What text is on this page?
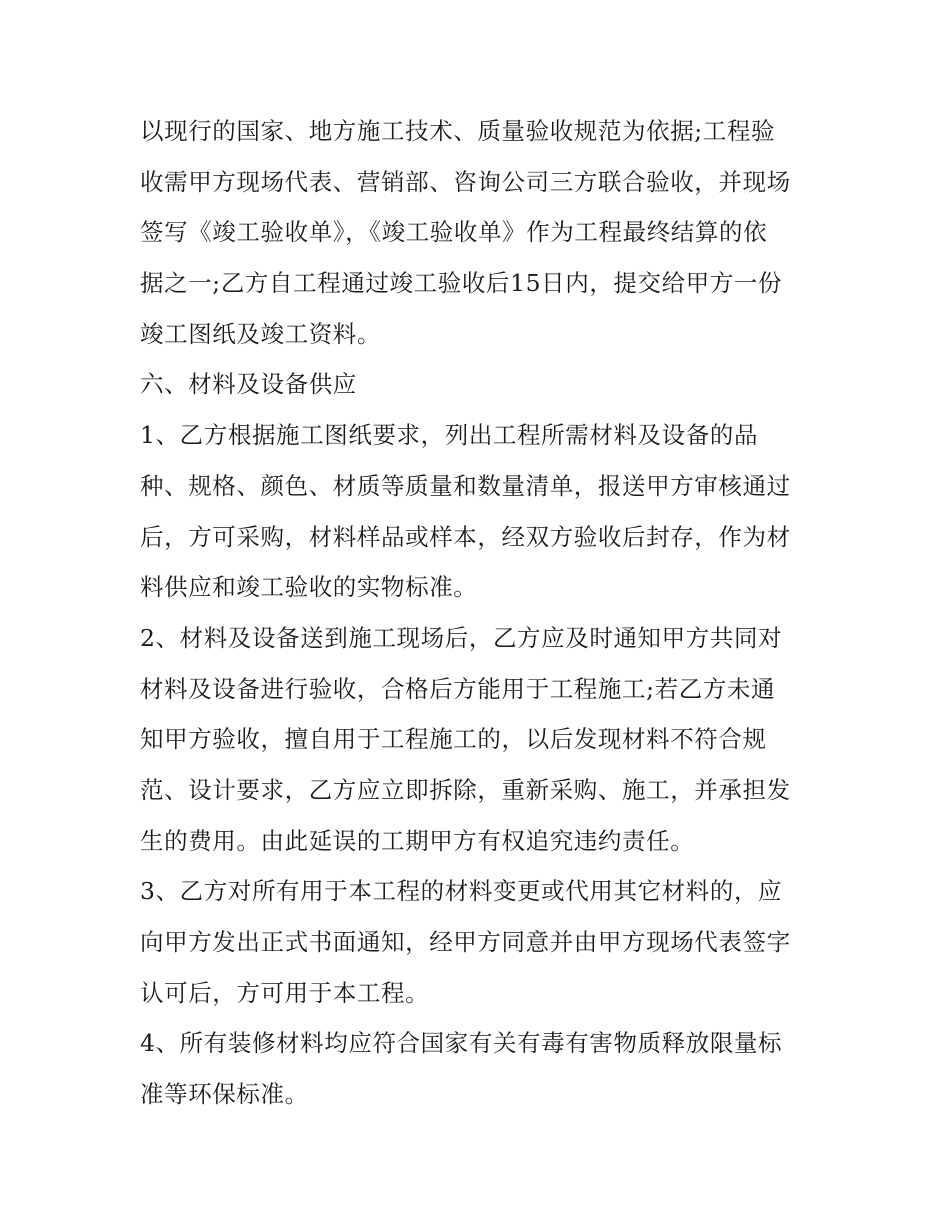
以现行的国家、地方施工技术、质量验收规范为依据;工程验
收需甲方现场代表、营销部、咨询公司三方联合验收，并现场
签写《竣工验收单》，《竣工验收单》作为工程最终结算的依
据之一;乙方自工程通过竣工验收后15日内，提交给甲方一份
竣工图纸及竣工资料。
六、材料及设备供应
1、乙方根据施工图纸要求，列出工程所需材料及设备的品
种、规格、颜色、材质等质量和数量清单，报送甲方审核通过
后，方可采购，材料样品或样本，经双方验收后封存，作为材
料供应和竣工验收的实物标准。
2、材料及设备送到施工现场后，乙方应及时通知甲方共同对
材料及设备进行验收，合格后方能用于工程施工;若乙方未通
知甲方验收，擅自用于工程施工的，以后发现材料不符合规
范、设计要求，乙方应立即拆除，重新采购、施工，并承担发
生的费用。由此延误的工期甲方有权追究违约责任。
3、乙方对所有用于本工程的材料变更或代用其它材料的，应
向甲方发出正式书面通知，经甲方同意并由甲方现场代表签字
认可后，方可用于本工程。
4、所有装修材料均应符合国家有关有毒有害物质释放限量标
准等环保标准。
